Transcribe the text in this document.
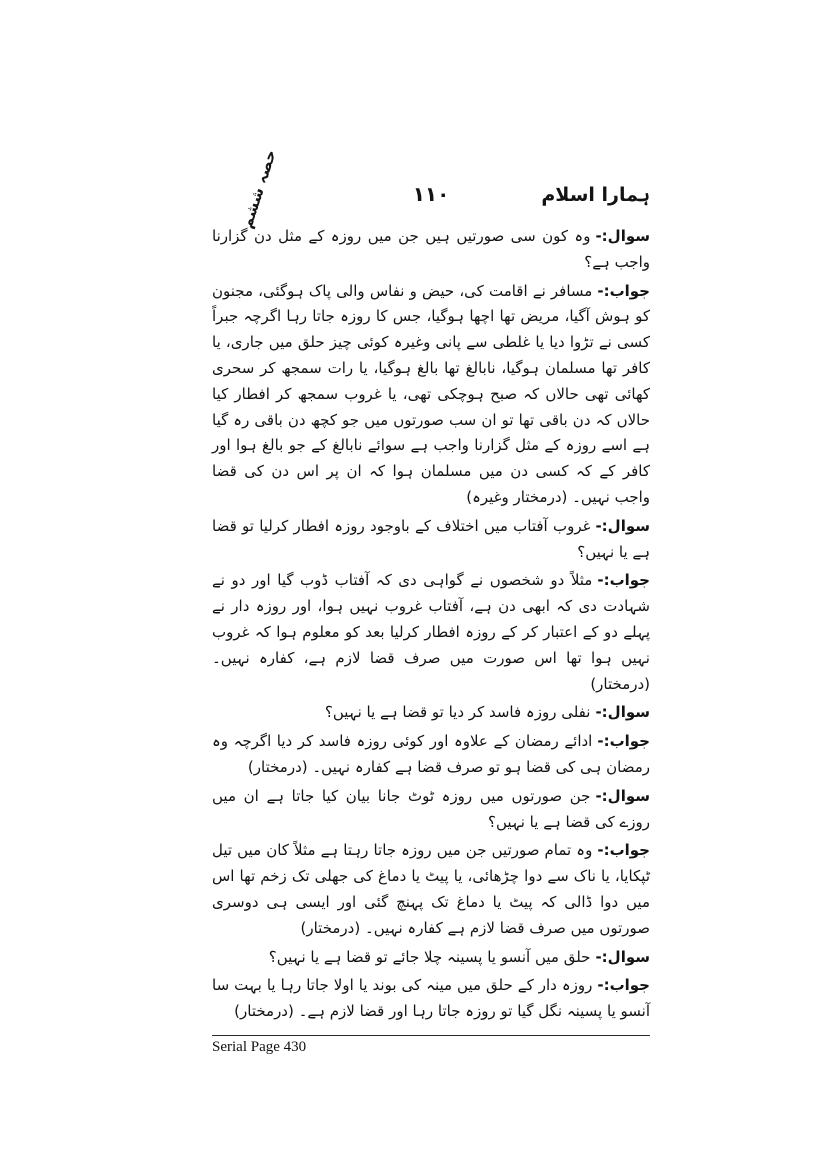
حصہ ششم	۱۱۰	ہمارا اسلام

سوال:-وہ کون سی صورتیں ہیں جن میں روزہ کے مثل دن گزارنا واجب ہے؟

جواب:-مسافر نے اقامت کی، حیض و نفاس والی پاک ہوگئی، مجنون کو ہوش آگیا، مریض تھا اچھا ہوگیا، جس کا روزہ جاتا رہا اگرچہ جبراً کسی نے تڑوا دیا یا غلطی سے پانی وغیرہ کوئی چیز حلق میں جاری، یا کافر تھا مسلمان ہوگیا، نابالغ تھا بالغ ہوگیا، یا رات سمجھ کر سحری کھائی تھی حالاں کہ صبح ہوچکی تھی، یا غروب سمجھ کر افطار کیا حالاں کہ دن باقی تھا تو ان سب صورتوں میں جو کچھ دن باقی رہ گیا ہے اسے روزہ کے مثل گزارنا واجب ہے سوائے نابالغ کے جو بالغ ہوا اور کافر کے کہ کسی دن میں مسلمان ہوا کہ ان پر اس دن کی قضا واجب نہیں۔ (درمختار وغیرہ)

سوال:-غروب آفتاب میں اختلاف کے باوجود روزہ افطار کرلیا تو قضا ہے یا نہیں؟

جواب:-مثلاً دو شخصوں نے گواہی دی کہ آفتاب ڈوب گیا اور دو نے شہادت دی کہ ابھی دن ہے، آفتاب غروب نہیں ہوا، اور روزہ دار نے پہلے دو کے اعتبار کر کے روزہ افطار کرلیا بعد کو معلوم ہوا کہ غروب نہیں ہوا تھا اس صورت میں صرف قضا لازم ہے، کفارہ نہیں۔ (درمختار)

سوال:-نفلی روزہ فاسد کر دیا تو قضا ہے یا نہیں؟

جواب:-ادائے رمضان کے علاوہ اور کوئی روزہ فاسد کر دیا اگرچہ وہ رمضان ہی کی قضا ہو تو صرف قضا ہے کفارہ نہیں۔ (درمختار)

سوال:-جن صورتوں میں روزہ ٹوٹ جانا بیان کیا جاتا ہے ان میں روزے کی قضا ہے یا نہیں؟

جواب:-وہ تمام صورتیں جن میں روزہ جاتا رہتا ہے مثلاً کان میں تیل ٹپکایا، یا ناک سے دوا چڑھائی، یا پیٹ یا دماغ کی جھلی تک زخم تھا اس میں دوا ڈالی کہ پیٹ یا دماغ تک پہنچ گئی اور ایسی ہی دوسری صورتوں میں صرف قضا لازم ہے کفارہ نہیں۔ (درمختار)

سوال:-حلق میں آنسو یا پسینہ چلا جائے تو قضا ہے یا نہیں؟

جواب:-روزہ دار کے حلق میں مینہ کی بوند یا اولا جاتا رہا یا بہت سا آنسو یا پسینہ نگل گیا تو روزہ جاتا رہا اور قضا لازم ہے۔ (درمختار)

Serial Page 430
